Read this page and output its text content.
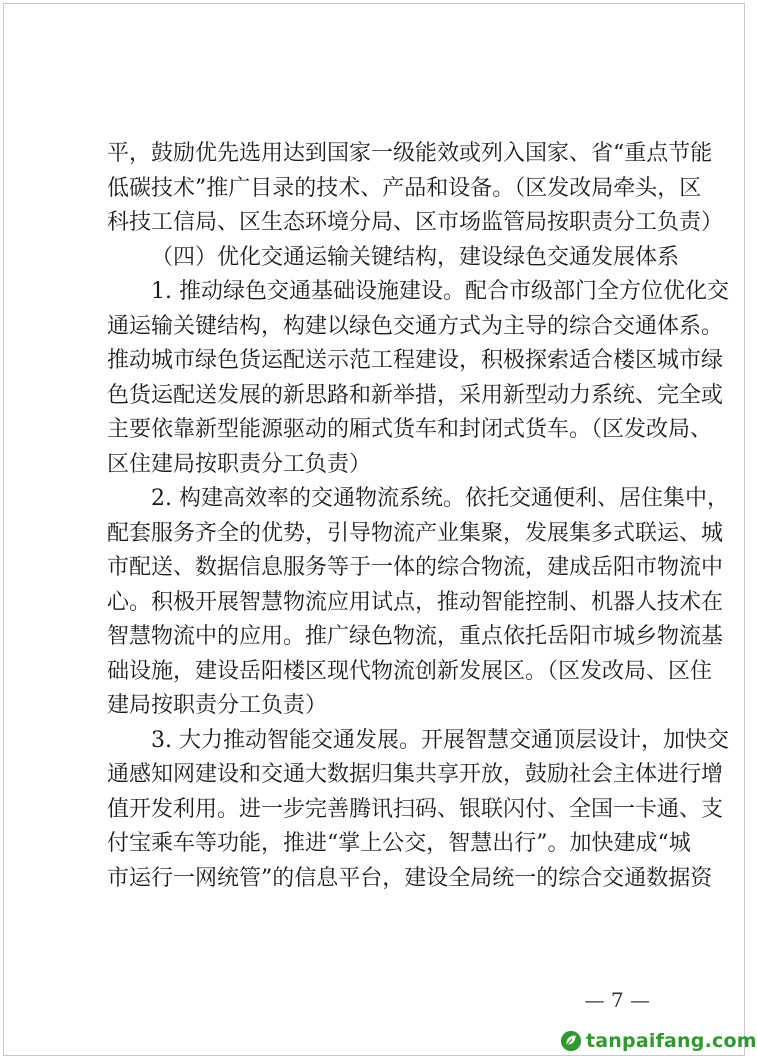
平，鼓励优先选用达到国家一级能效或列入国家、省“重点节能
低碳技术”推广目录的技术、产品和设备。（区发改局牵头，区
科技工信局、区生态环境分局、区市场监管局按职责分工负责）
（四）优化交通运输关键结构，建设绿色交通发展体系
1. 推动绿色交通基础设施建设。配合市级部门全方位优化交
通运输关键结构，构建以绿色交通方式为主导的综合交通体系。
推动城市绿色货运配送示范工程建设，积极探索适合楼区城市绿
色货运配送发展的新思路和新举措，采用新型动力系统、完全或
主要依靠新型能源驱动的厢式货车和封闭式货车。（区发改局、
区住建局按职责分工负责）
2. 构建高效率的交通物流系统。依托交通便利、居住集中，
配套服务齐全的优势，引导物流产业集聚，发展集多式联运、城
市配送、数据信息服务等于一体的综合物流，建成岳阳市物流中
心。积极开展智慧物流应用试点，推动智能控制、机器人技术在
智慧物流中的应用。推广绿色物流，重点依托岳阳市城乡物流基
础设施，建设岳阳楼区现代物流创新发展区。（区发改局、区住
建局按职责分工负责）
3. 大力推动智能交通发展。开展智慧交通顶层设计，加快交
通感知网建设和交通大数据归集共享开放，鼓励社会主体进行增
值开发利用。进一步完善腾讯扫码、银联闪付、全国一卡通、支
付宝乘车等功能，推进“掌上公交，智慧出行”。加快建成“城
市运行一网统管”的信息平台，建设全局统一的综合交通数据资
— 7 —
tanpaifang.com
